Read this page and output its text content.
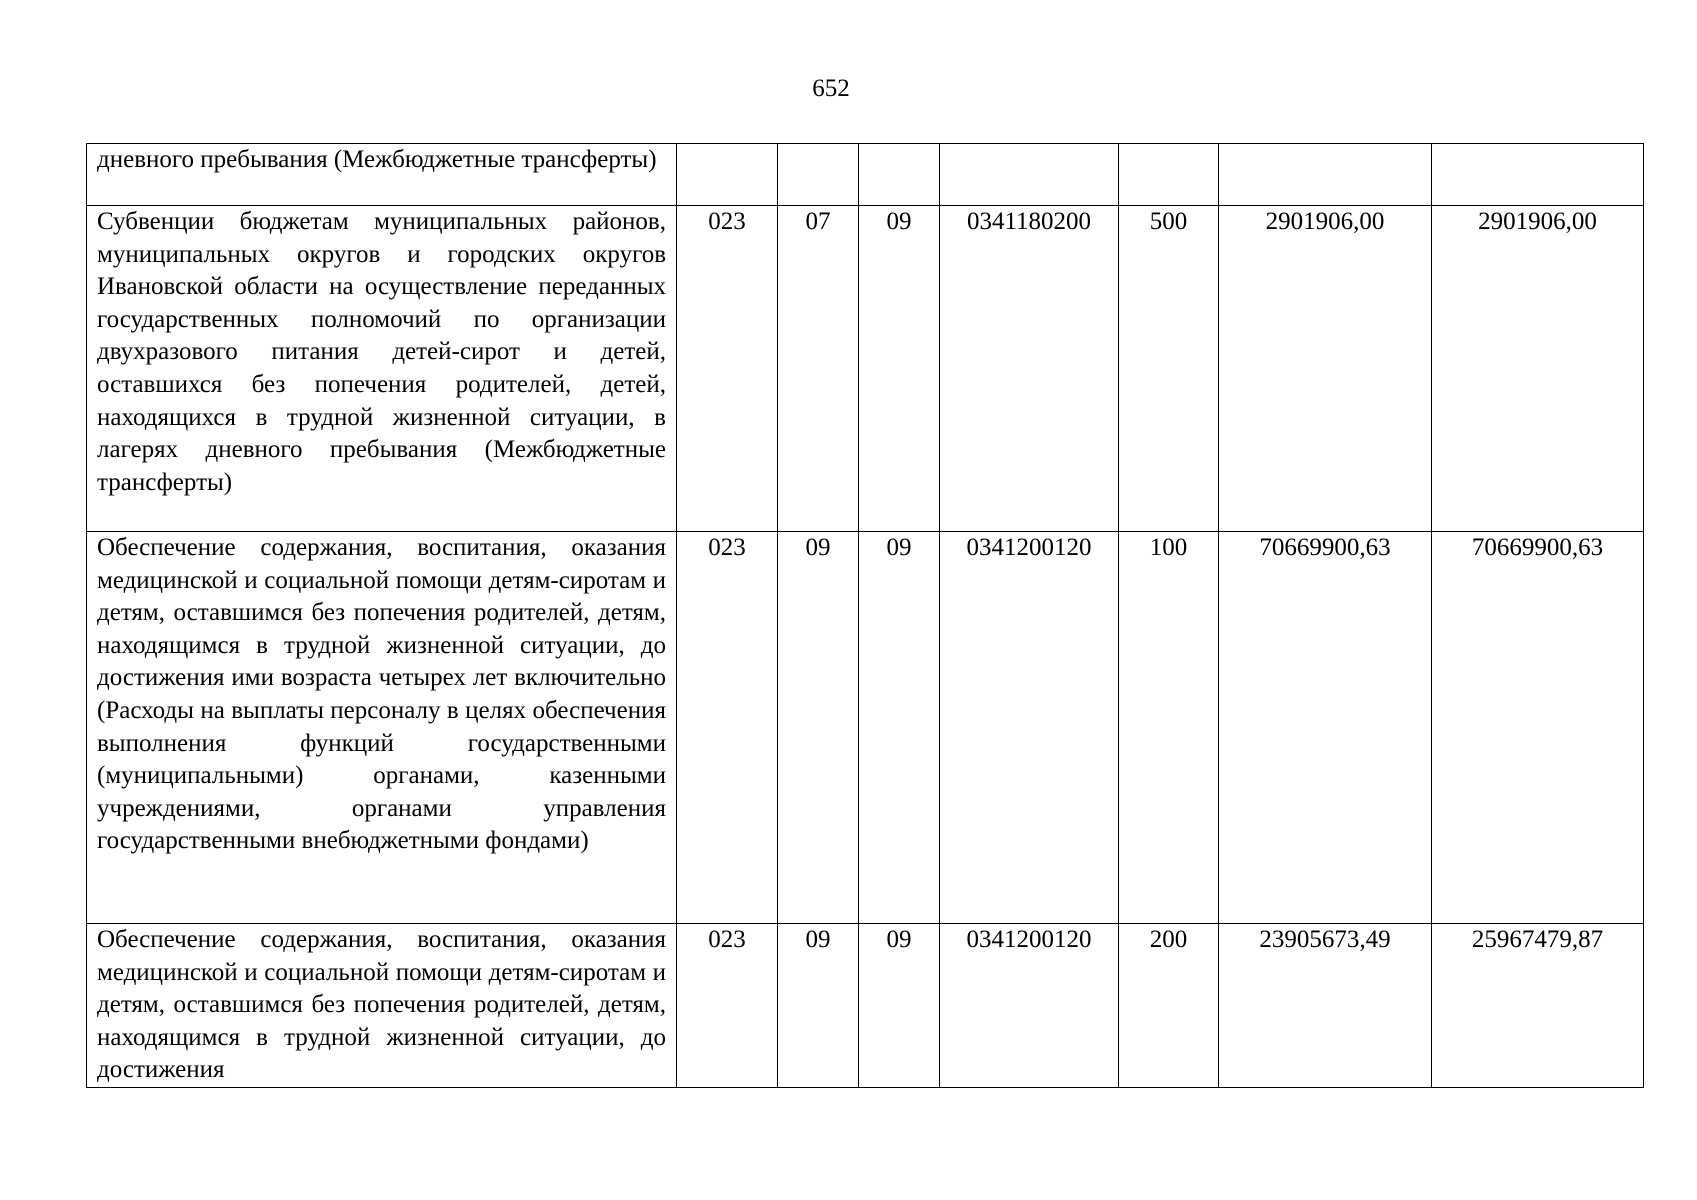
652
дневного пребывания (Межбюджетные трансферты)							
Субвенции бюджетам муниципальных районов, муниципальных округов и городских округов Ивановской области на осуществление переданных государственных полномочий по организации двухразового питания детей-сирот и детей, оставшихся без попечения родителей, детей, находящихся в трудной жизненной ситуации, в лагерях дневного пребывания (Межбюджетные трансферты)	023	07	09	0341180200	500	2901906,00	2901906,00
Обеспечение содержания, воспитания, оказания медицинской и социальной помощи детям-сиротам и детям, оставшимся без попечения родителей, детям, находящимся в трудной жизненной ситуации, до достижения ими возраста четырех лет включительно (Расходы на выплаты персоналу в целях обеспечения выполнения функций государственными (муниципальными) органами, казенными учреждениями, органами управления государственными внебюджетными фондами)	023	09	09	0341200120	100	70669900,63	70669900,63
Обеспечение содержания, воспитания, оказания медицинской и социальной помощи детям-сиротам и детям, оставшимся без попечения родителей, детям, находящимся в трудной жизненной ситуации, до достижения	023	09	09	0341200120	200	23905673,49	25967479,87
